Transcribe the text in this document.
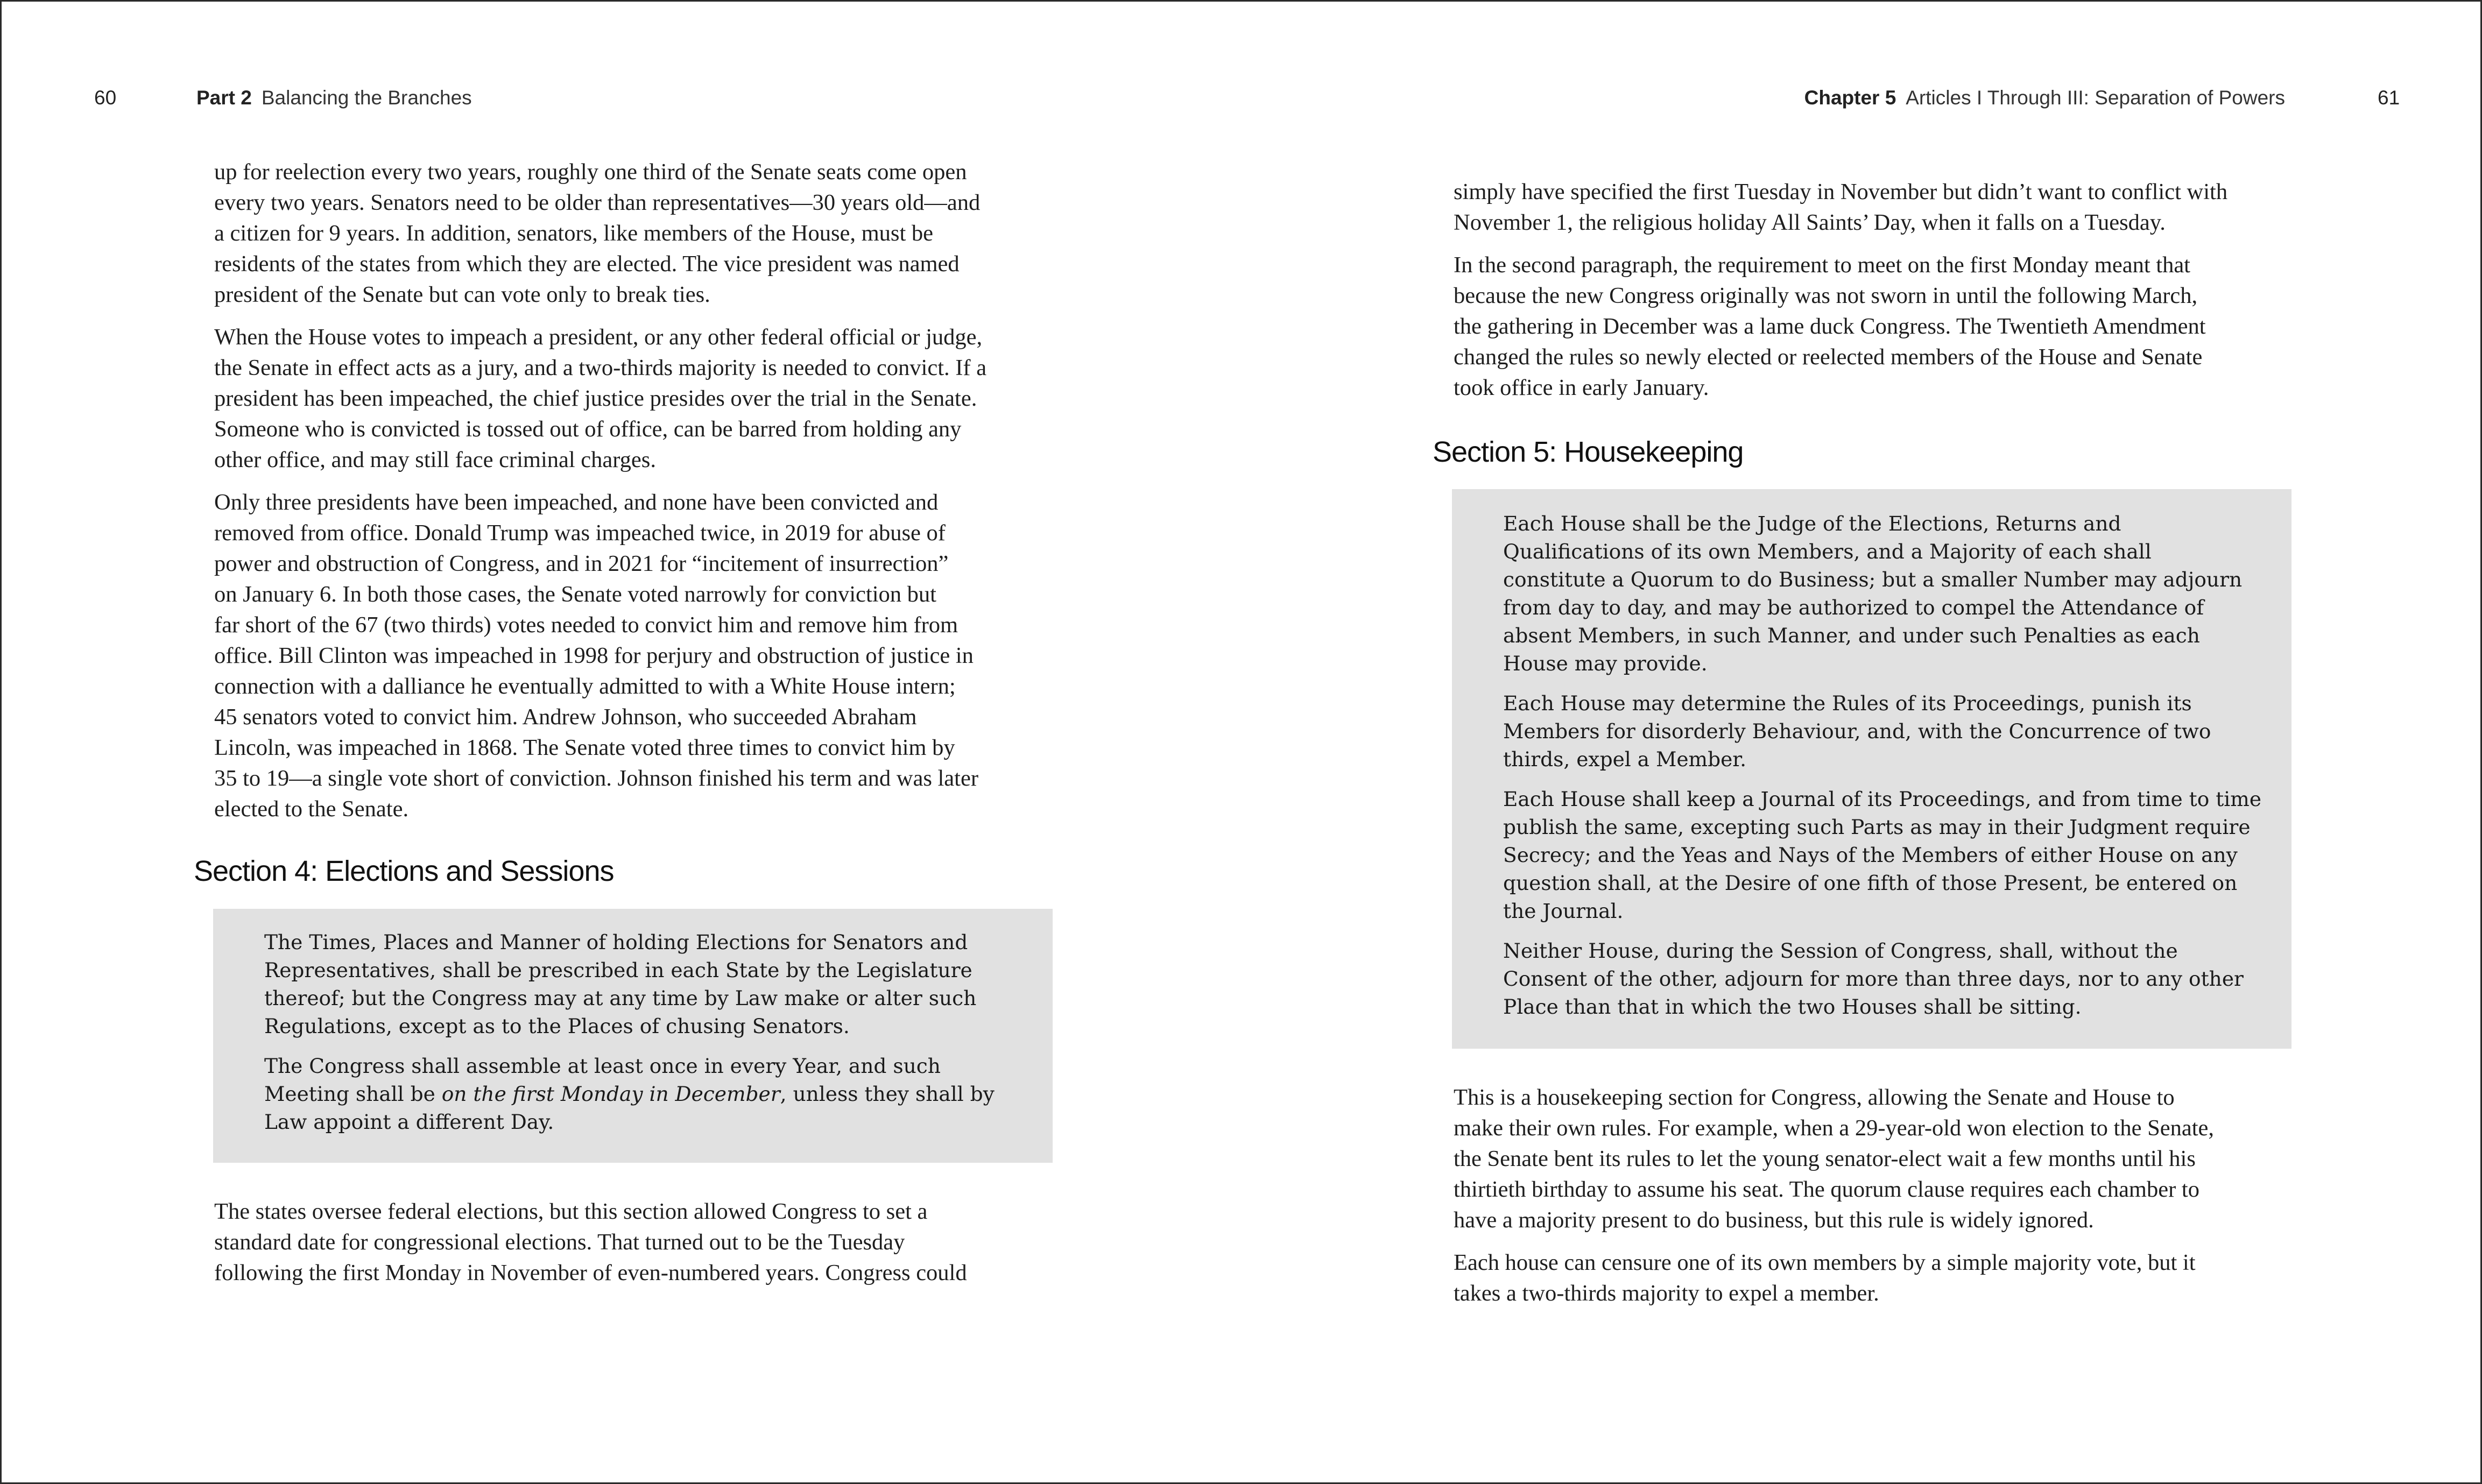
60	Part 2 Balancing the Branches

up for reelection every two years, roughly one third of the Senate seats come open
every two years. Senators need to be older than representatives—30 years old—and
a citizen for 9 years. In addition, senators, like members of the House, must be
residents of the states from which they are elected. The vice president was named
president of the Senate but can vote only to break ties.

When the House votes to impeach a president, or any other federal official or judge,
the Senate in effect acts as a jury, and a two-thirds majority is needed to convict. If a
president has been impeached, the chief justice presides over the trial in the Senate.
Someone who is convicted is tossed out of office, can be barred from holding any
other office, and may still face criminal charges.

Only three presidents have been impeached, and none have been convicted and
removed from office. Donald Trump was impeached twice, in 2019 for abuse of
power and obstruction of Congress, and in 2021 for “incitement of insurrection”
on January 6. In both those cases, the Senate voted narrowly for conviction but
far short of the 67 (two thirds) votes needed to convict him and remove him from
office. Bill Clinton was impeached in 1998 for perjury and obstruction of justice in
connection with a dalliance he eventually admitted to with a White House intern;
45 senators voted to convict him. Andrew Johnson, who succeeded Abraham
Lincoln, was impeached in 1868. The Senate voted three times to convict him by
35 to 19—a single vote short of conviction. Johnson finished his term and was later
elected to the Senate.

Section 4: Elections and Sessions

The Times, Places and Manner of holding Elections for Senators and
Representatives, shall be prescribed in each State by the Legislature
thereof; but the Congress may at any time by Law make or alter such
Regulations, except as to the Places of chusing Senators.

The Congress shall assemble at least once in every Year, and such
Meeting shall be on the first Monday in December, unless they shall by
Law appoint a different Day.

The states oversee federal elections, but this section allowed Congress to set a
standard date for congressional elections. That turned out to be the Tuesday
following the first Monday in November of even-numbered years. Congress could

Chapter 5 Articles I Through III: Separation of Powers	61

simply have specified the first Tuesday in November but didn’t want to conflict with
November 1, the religious holiday All Saints’ Day, when it falls on a Tuesday.

In the second paragraph, the requirement to meet on the first Monday meant that
because the new Congress originally was not sworn in until the following March,
the gathering in December was a lame duck Congress. The Twentieth Amendment
changed the rules so newly elected or reelected members of the House and Senate
took office in early January.

Section 5: Housekeeping

Each House shall be the Judge of the Elections, Returns and
Qualifications of its own Members, and a Majority of each shall
constitute a Quorum to do Business; but a smaller Number may adjourn
from day to day, and may be authorized to compel the Attendance of
absent Members, in such Manner, and under such Penalties as each
House may provide.

Each House may determine the Rules of its Proceedings, punish its
Members for disorderly Behaviour, and, with the Concurrence of two
thirds, expel a Member.

Each House shall keep a Journal of its Proceedings, and from time to time
publish the same, excepting such Parts as may in their Judgment require
Secrecy; and the Yeas and Nays of the Members of either House on any
question shall, at the Desire of one fifth of those Present, be entered on
the Journal.

Neither House, during the Session of Congress, shall, without the
Consent of the other, adjourn for more than three days, nor to any other
Place than that in which the two Houses shall be sitting.

This is a housekeeping section for Congress, allowing the Senate and House to
make their own rules. For example, when a 29-year-old won election to the Senate,
the Senate bent its rules to let the young senator-elect wait a few months until his
thirtieth birthday to assume his seat. The quorum clause requires each chamber to
have a majority present to do business, but this rule is widely ignored.

Each house can censure one of its own members by a simple majority vote, but it
takes a two-thirds majority to expel a member.
